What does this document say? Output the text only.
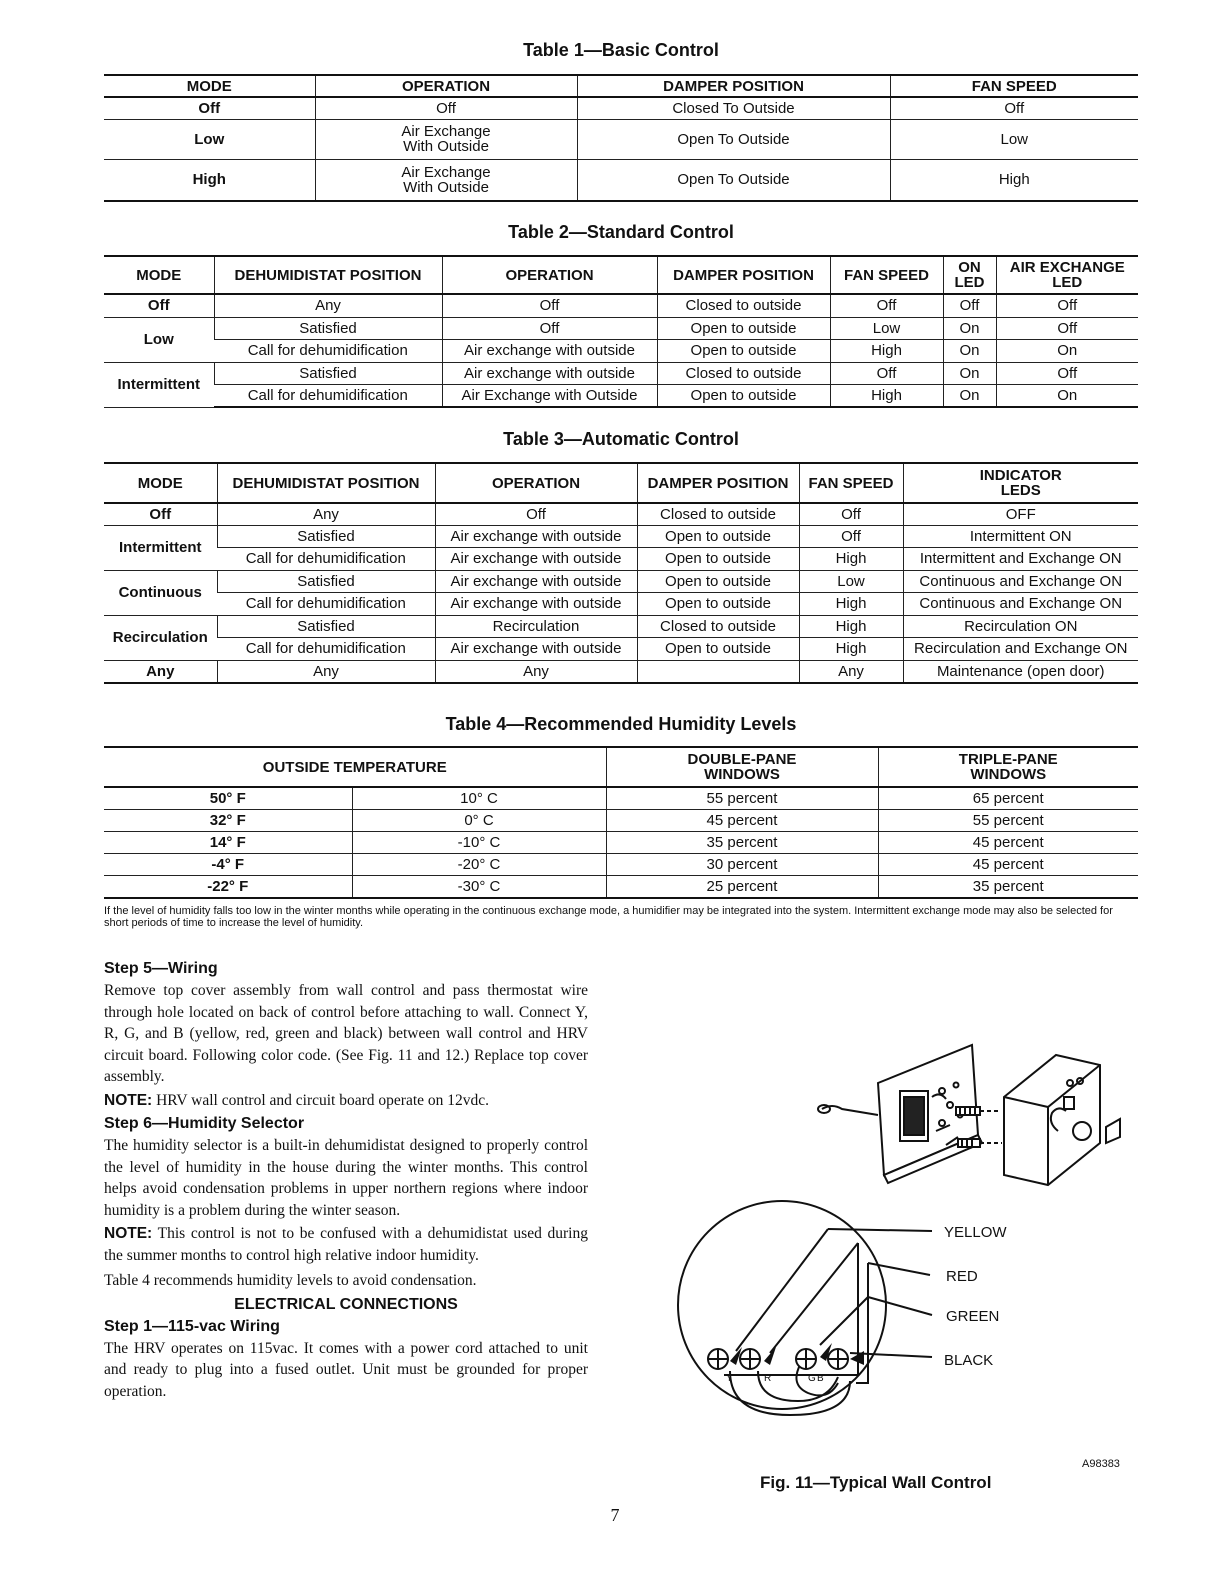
Table 1—Basic Control
MODE	OPERATION	DAMPER POSITION	FAN SPEED
Off	Off	Closed To Outside	Off
Low	Air Exchange
With Outside	Open To Outside	Low
High	Air Exchange
With Outside	Open To Outside	High
Table 2—Standard Control
MODE	DEHUMIDISTAT POSITION	OPERATION	DAMPER POSITION	FAN SPEED	ON
LED	AIR EXCHANGE
LED
Off	Any	Off	Closed to outside	Off	Off	Off
Low	Satisfied	Off	Open to outside	Low	On	Off
	Call for dehumidification	Air exchange with outside	Open to outside	High	On	On
Intermittent	Satisfied	Air exchange with outside	Closed to outside	Off	On	Off
	Call for dehumidification	Air Exchange with Outside	Open to outside	High	On	On
Table 3—Automatic Control
MODE	DEHUMIDISTAT POSITION	OPERATION	DAMPER POSITION	FAN SPEED	INDICATOR
LEDS
Off	Any	Off	Closed to outside	Off	OFF
Intermittent	Satisfied	Air exchange with outside	Open to outside	Off	Intermittent ON
	Call for dehumidification	Air exchange with outside	Open to outside	High	Intermittent and Exchange ON
Continuous	Satisfied	Air exchange with outside	Open to outside	Low	Continuous and Exchange ON
	Call for dehumidification	Air exchange with outside	Open to outside	High	Continuous and Exchange ON
Recirculation	Satisfied	Recirculation	Closed to outside	High	Recirculation ON
	Call for dehumidification	Air exchange with outside	Open to outside	High	Recirculation and Exchange ON
Any	Any	Any		Any	Maintenance (open door)
Table 4—Recommended Humidity Levels
OUTSIDE TEMPERATURE		DOUBLE-PANE
WINDOWS	TRIPLE-PANE
WINDOWS
50° F	10° C	55 percent	65 percent
32° F	0° C	45 percent	55 percent
14° F	-10° C	35 percent	45 percent
-4° F	-20° C	30 percent	45 percent
-22° F	-30° C	25 percent	35 percent
If the level of humidity falls too low in the winter months while operating in the continuous exchange mode, a humidifier may be integrated into the system. Intermittent exchange mode may also be selected for short periods of time to increase the level of humidity.
Step 5—Wiring

Remove top cover assembly from wall control and pass thermostat wire through hole located on back of control before attaching to wall. Connect Y, R, G, and B (yellow, red, green and black) between wall control and HRV circuit board. Following color code. (See Fig. 11 and 12.) Replace top cover assembly.

NOTE: HRV wall control and circuit board operate on 12vdc.

Step 6—Humidity Selector

The humidity selector is a built-in dehumidistat designed to properly control the level of humidity in the house during the winter months. This control helps avoid condensation problems in upper northern regions where indoor humidity is a problem during the winter season.

NOTE: This control is not to be confused with a dehumidistat used during the summer months to control high relative indoor humidity.

Table 4 recommends humidity levels to avoid condensation.

ELECTRICAL CONNECTIONS
Step 1—115-vac Wiring

The HRV operates on 115vac. It comes with a power cord attached to unit and ready to plug into a fused outlet. Unit must be grounded for proper operation.

Y	R	G B
YELLOW
RED
GREEN
BLACK
A98383
Fig. 11—Typical Wall Control
7
